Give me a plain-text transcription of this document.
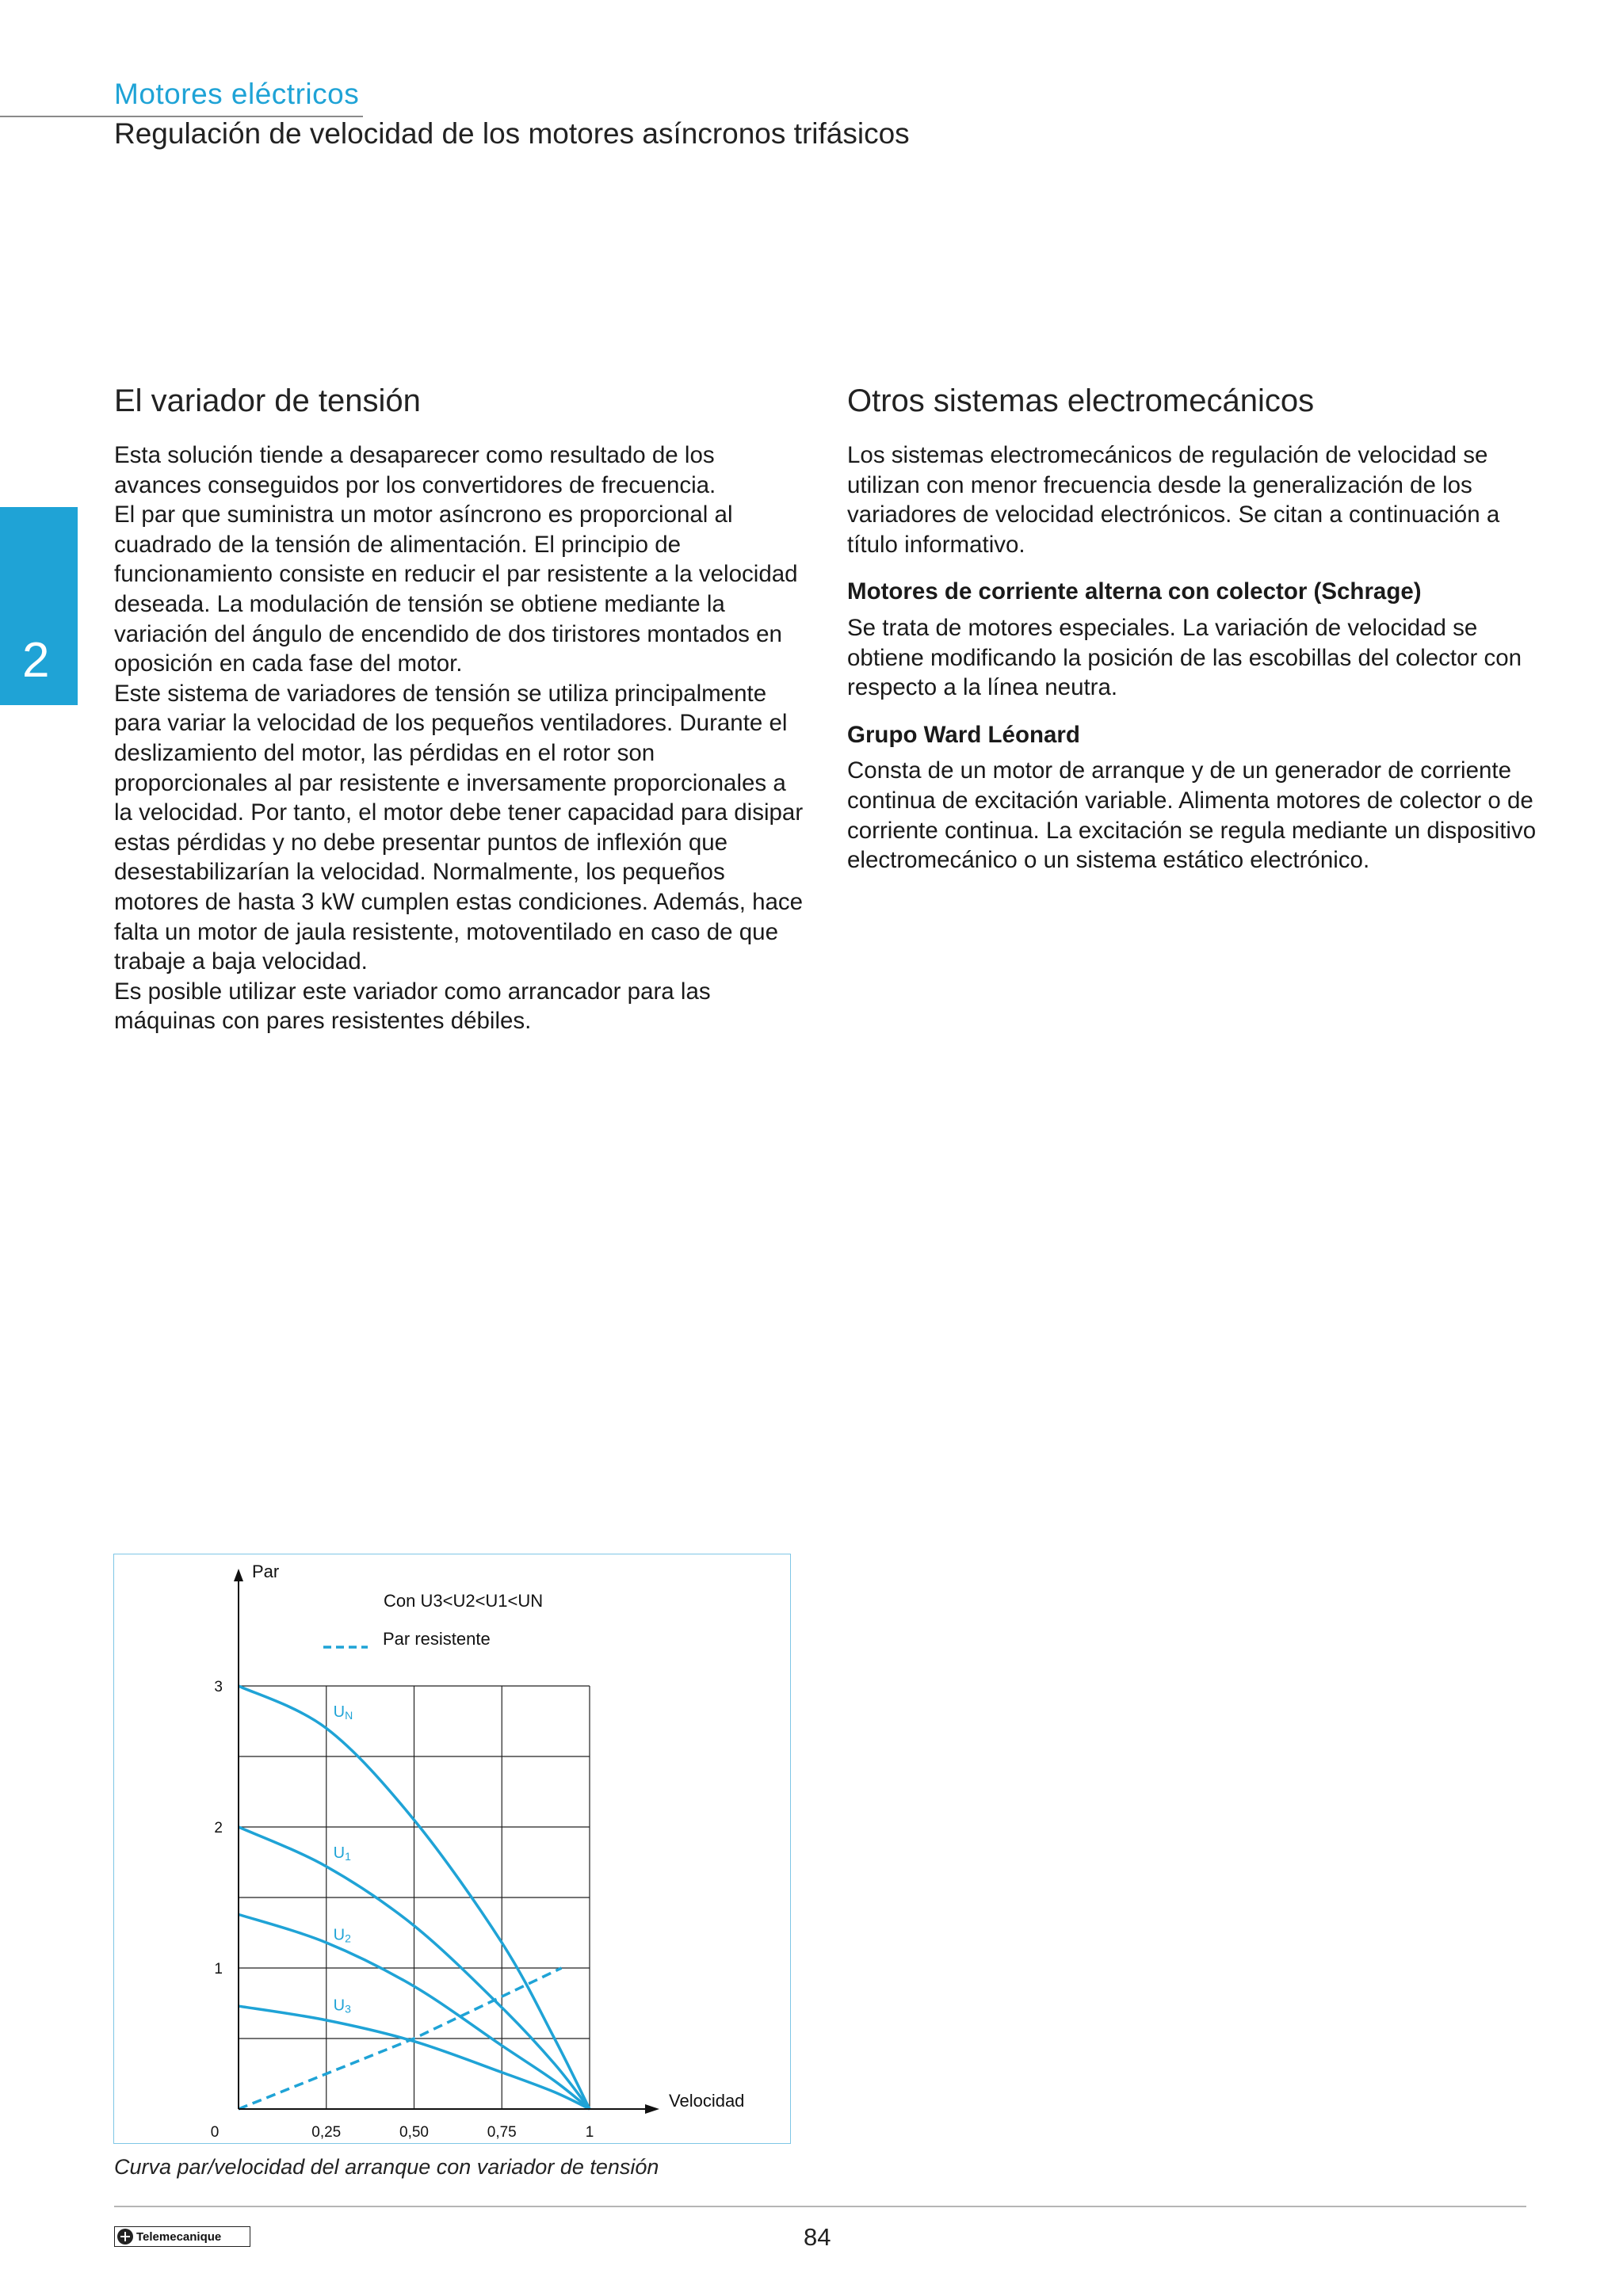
Motores eléctricos
Regulación de velocidad de los motores asíncronos trifásicos
2

El variador de tensión

Esta solución tiende a desaparecer como resultado de los avances conseguidos por los convertidores de frecuencia.

El par que suministra un motor asíncrono es proporcional al cuadrado de la tensión de alimentación. El principio de funcionamiento consiste en reducir el par resistente a la velocidad deseada. La modulación de tensión se obtiene mediante la variación del ángulo de encendido de dos tiristores montados en oposición en cada fase del motor.

Este sistema de variadores de tensión se utiliza principalmente para variar la velocidad de los pequeños ventiladores. Durante el deslizamiento del motor, las pérdidas en el rotor son proporcionales al par resistente e inversamente proporcionales a la velocidad. Por tanto, el motor debe tener capacidad para disipar estas pérdidas y no debe presentar puntos de inflexión que desestabilizarían la velocidad. Normalmente, los pequeños motores de hasta 3 kW cumplen estas condiciones. Además, hace falta un motor de jaula resistente, motoventilado en caso de que trabaje a baja velocidad.

Es posible utilizar este variador como arrancador para las máquinas con pares resistentes débiles.

Otros sistemas electromecánicos

Los sistemas electromecánicos de regulación de velocidad se utilizan con menor frecuencia desde la generalización de los variadores de velocidad electrónicos. Se citan a continuación a título informativo.

Motores de corriente alterna con colector (Schrage)

Se trata de motores especiales. La variación de velocidad se obtiene modificando la posición de las escobillas del colector con respecto a la línea neutra.

Grupo Ward Léonard

Consta de un motor de arranque y de un generador de corriente continua de excitación variable. Alimenta motores de colector o de corriente continua. La excitación se regula mediante un dispositivo electromecánico o un sistema estático electrónico.

UN
U1
U2
U3
Par
Velocidad
Con U3<U2<U1<UN
Par resistente
0	0,25	0,50	0,75	1
1
2
3
Curva par/velocidad del arranque con variador de tensión
Telemecanique	84
